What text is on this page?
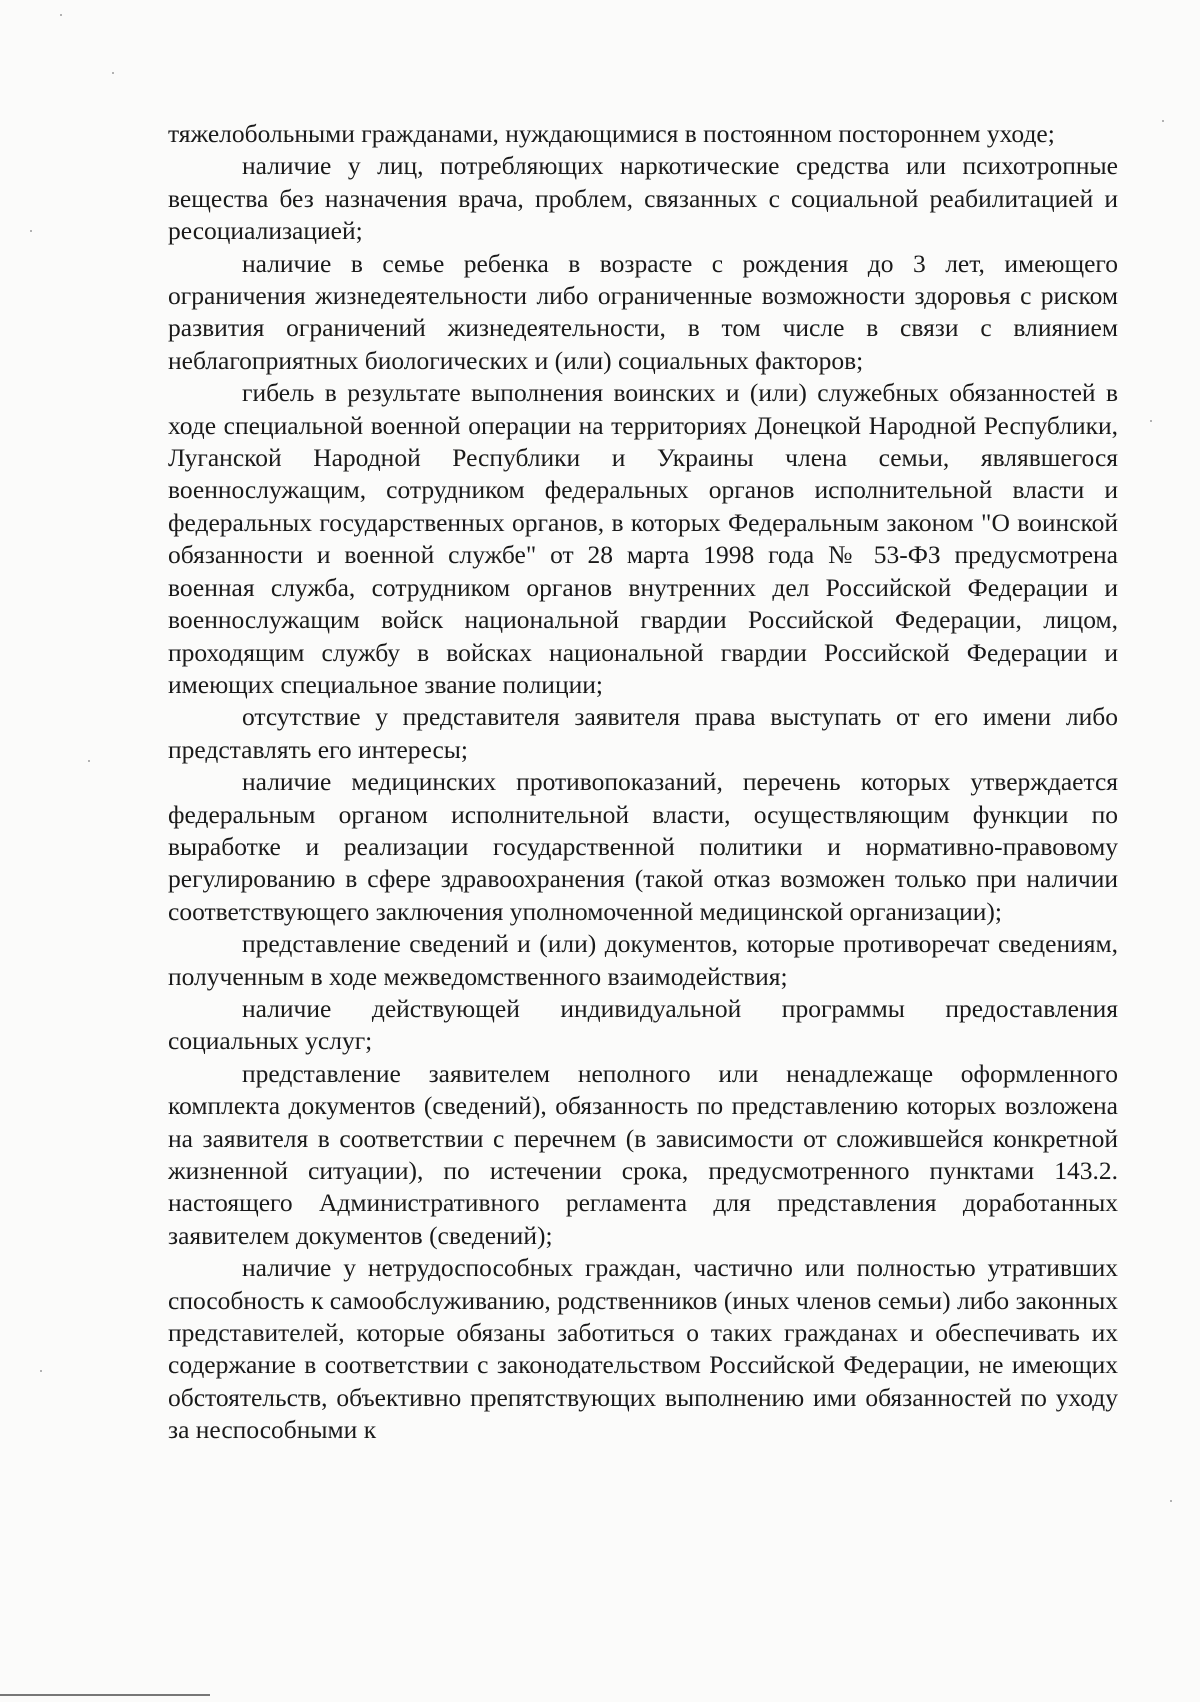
тяжелобольными гражданами, нуждающимися в постоянном постороннем уходе;

наличие у лиц, потребляющих наркотические средства или психотропные вещества без назначения врача, проблем, связанных с социальной реабилитацией и ресоциализацией;

наличие в семье ребенка в возрасте с рождения до 3 лет, имеющего ограничения жизнедеятельности либо ограниченные возможности здоровья с риском развития ограничений жизнедеятельности, в том числе в связи с влиянием неблагоприятных биологических и (или) социальных факторов;

гибель в результате выполнения воинских и (или) служебных обязанностей в ходе специальной военной операции на территориях Донецкой Народной Республики, Луганской Народной Республики и Украины члена семьи, являвшегося военнослужащим, сотрудником федеральных органов исполнительной власти и федеральных государственных органов, в которых Федеральным законом "О воинской обязанности и военной службе" от 28 марта 1998 года № 53-ФЗ предусмотрена военная служба, сотрудником органов внутренних дел Российской Федерации и военнослужащим войск национальной гвардии Российской Федерации, лицом, проходящим службу в войсках национальной гвардии Российской Федерации и имеющих специальное звание полиции;

отсутствие у представителя заявителя права выступать от его имени либо представлять его интересы;

наличие медицинских противопоказаний, перечень которых утверждается федеральным органом исполнительной власти, осуществляющим функции по выработке и реализации государственной политики и нормативно-правовому регулированию в сфере здравоохранения (такой отказ возможен только при наличии соответствующего заключения уполномоченной медицинской организации);

представление сведений и (или) документов, которые противоречат сведениям, полученным в ходе межведомственного взаимодействия;

наличие действующей индивидуальной программы предоставления социальных услуг;

представление заявителем неполного или ненадлежаще оформленного комплекта документов (сведений), обязанность по представлению которых возложена на заявителя в соответствии с перечнем (в зависимости от сложившейся конкретной жизненной ситуации), по истечении срока, предусмотренного пунктами 143.2. настоящего Административного регламента для представления доработанных заявителем документов (сведений);

наличие у нетрудоспособных граждан, частично или полностью утративших способность к самообслуживанию, родственников (иных членов семьи) либо законных представителей, которые обязаны заботиться о таких гражданах и обеспечивать их содержание в соответствии с законодательством Российской Федерации, не имеющих обстоятельств, объективно препятствующих выполнению ими обязанностей по уходу за неспособными к
